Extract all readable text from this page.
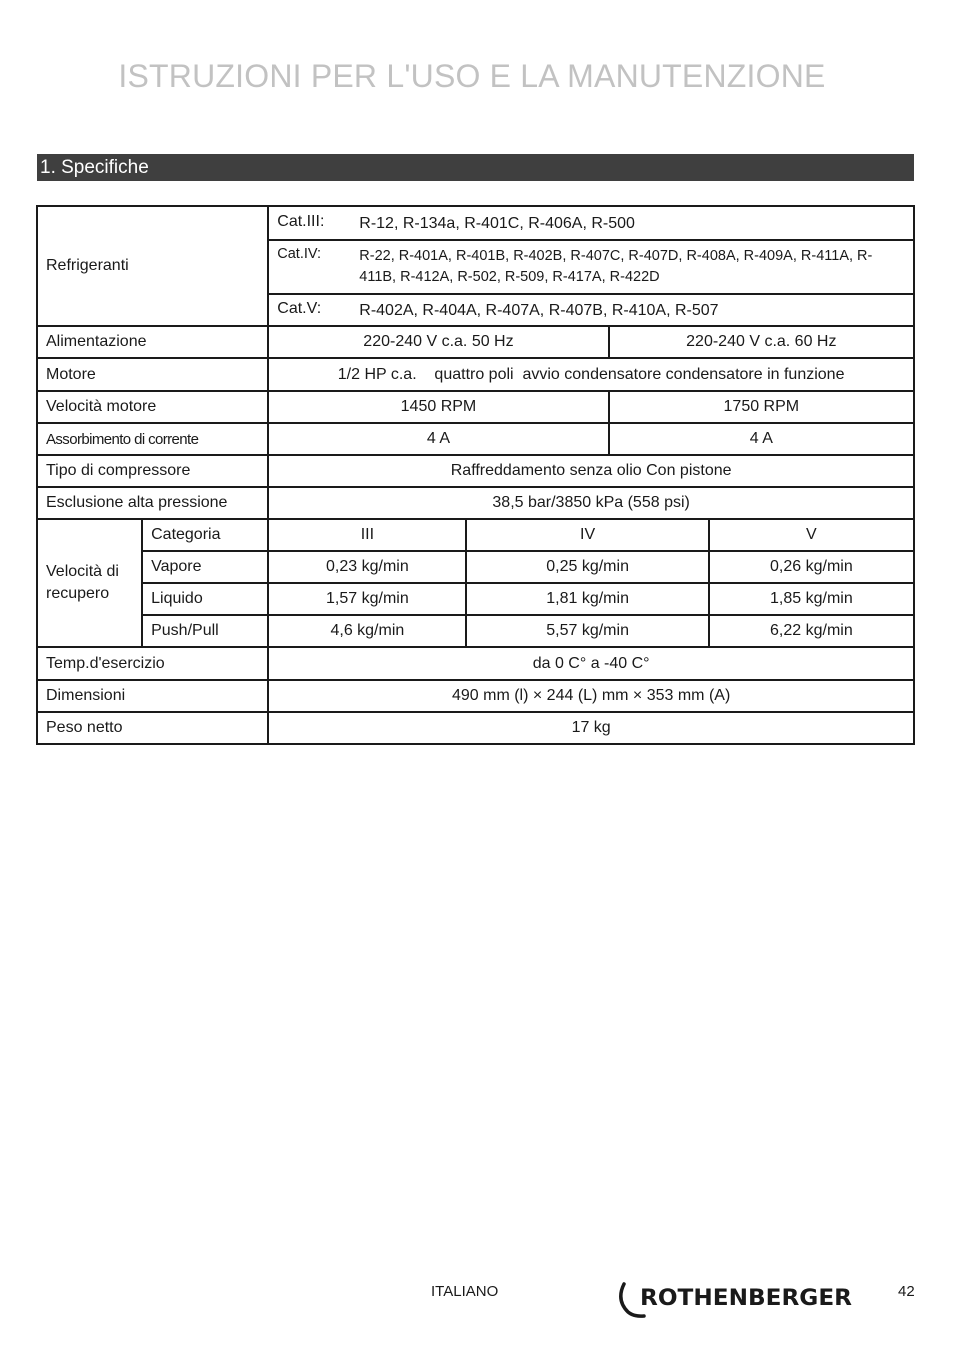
ISTRUZIONI PER L'USO E LA MANUTENZIONE
1. Specifiche
Refrigeranti		Cat.III: R-12, R-134a, R-401C, R-406A, R-500			

		Cat.IV: R-22, R-401A, R-401B, R-402B, R-407C, R-407D, R-408A, R-409A, R-411A, R-411B, R-412A, R-502, R-509, R-417A, R-422D			

		Cat.V: R-402A, R-404A, R-407A, R-407B, R-410A, R-507			

Alimentazione		220-240 V c.a. 50 Hz		220-240 V c.a. 60 Hz	
Motore		1/2 HP c.a.    quattro poli  avvio condensatore condensatore in funzione			
Velocità motore		1450 RPM		1750 RPM	
Assorbimento di corrente		4 A		4 A	
Tipo di compressore		Raffreddamento senza olio Con pistone			
Esclusione alta pressione		38,5 bar/3850 kPa (558 psi)			
Velocità di recupero	Categoria	III	IV		V
	Vapore	0,23 kg/min	0,25 kg/min		0,26 kg/min
	Liquido	1,57 kg/min	1,81 kg/min		1,85 kg/min
	Push/Pull	4,6 kg/min	5,57 kg/min		6,22 kg/min
Temp.d'esercizio		da 0 C° a -40 C°			
Dimensioni		490 mm (l) × 244 (L) mm × 353 mm (A)			
Peso netto		17 kg			
ITALIANO	ROTHENBERGER	42
